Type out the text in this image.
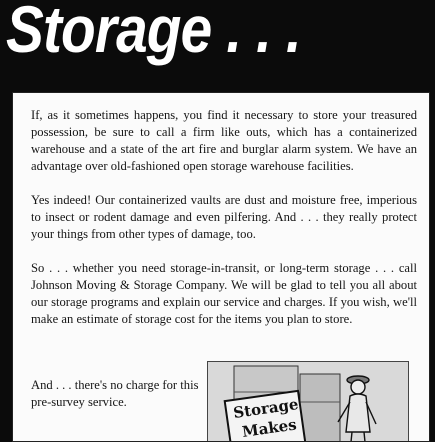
Storage . . .

If, as it sometimes happens, you find it necessary to store your treasured possession, be sure to call a firm like outs, which has a containerized warehouse and a state of the art fire and burglar alarm system. We have an advantage over old-fashioned open storage warehouse facilities.

Yes indeed! Our containerized vaults are dust and moisture free, imperious to insect or rodent damage and even pilfering. And . . . they really protect your things from other types of damage, too.

So . . . whether you need storage-in-transit, or long-term storage . . . call Johnson Moving & Storage Company. We will be glad to tell you all about our storage programs and explain our service and charges. If you wish, we'll make an estimate of storage cost for the items you plan to store.

And . . . there's no charge for this pre-survey service.	Storage
Makes
